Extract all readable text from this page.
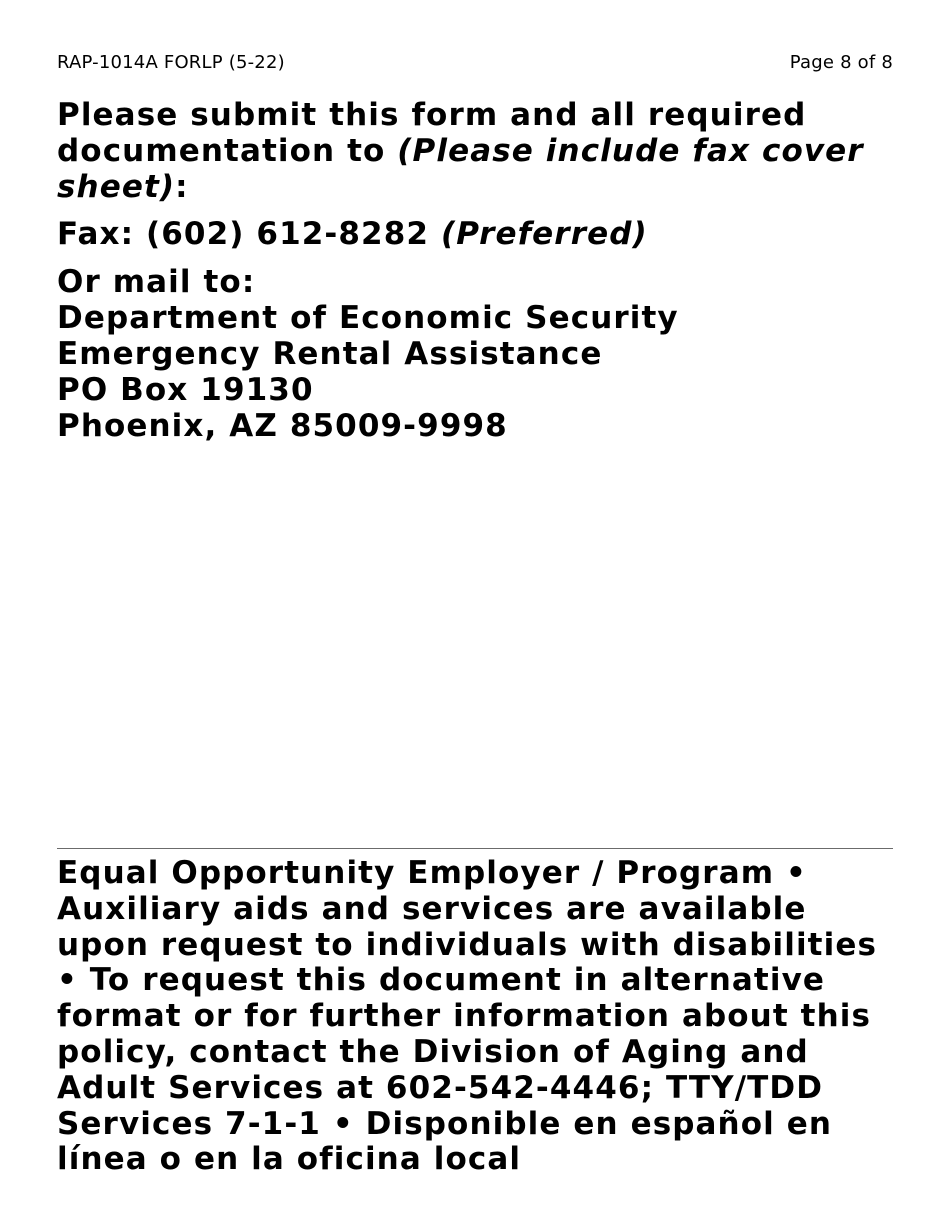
RAP-1014A FORLP (5-22)	Page 8 of 8
Please submit this form and all required
documentation to (Please include fax cover
sheet):
Fax: (602) 612-8282 (Preferred)
Or mail to:
Department of Economic Security
Emergency Rental Assistance
PO Box 19130
Phoenix, AZ 85009-9998
Equal Opportunity Employer / Program •
Auxiliary aids and services are available
upon request to individuals with disabilities
• To request this document in alternative
format or for further information about this
policy, contact the Division of Aging and
Adult Services at 602-542-4446; TTY/TDD
Services 7-1-1 • Disponible en español en
línea o en la oficina local
